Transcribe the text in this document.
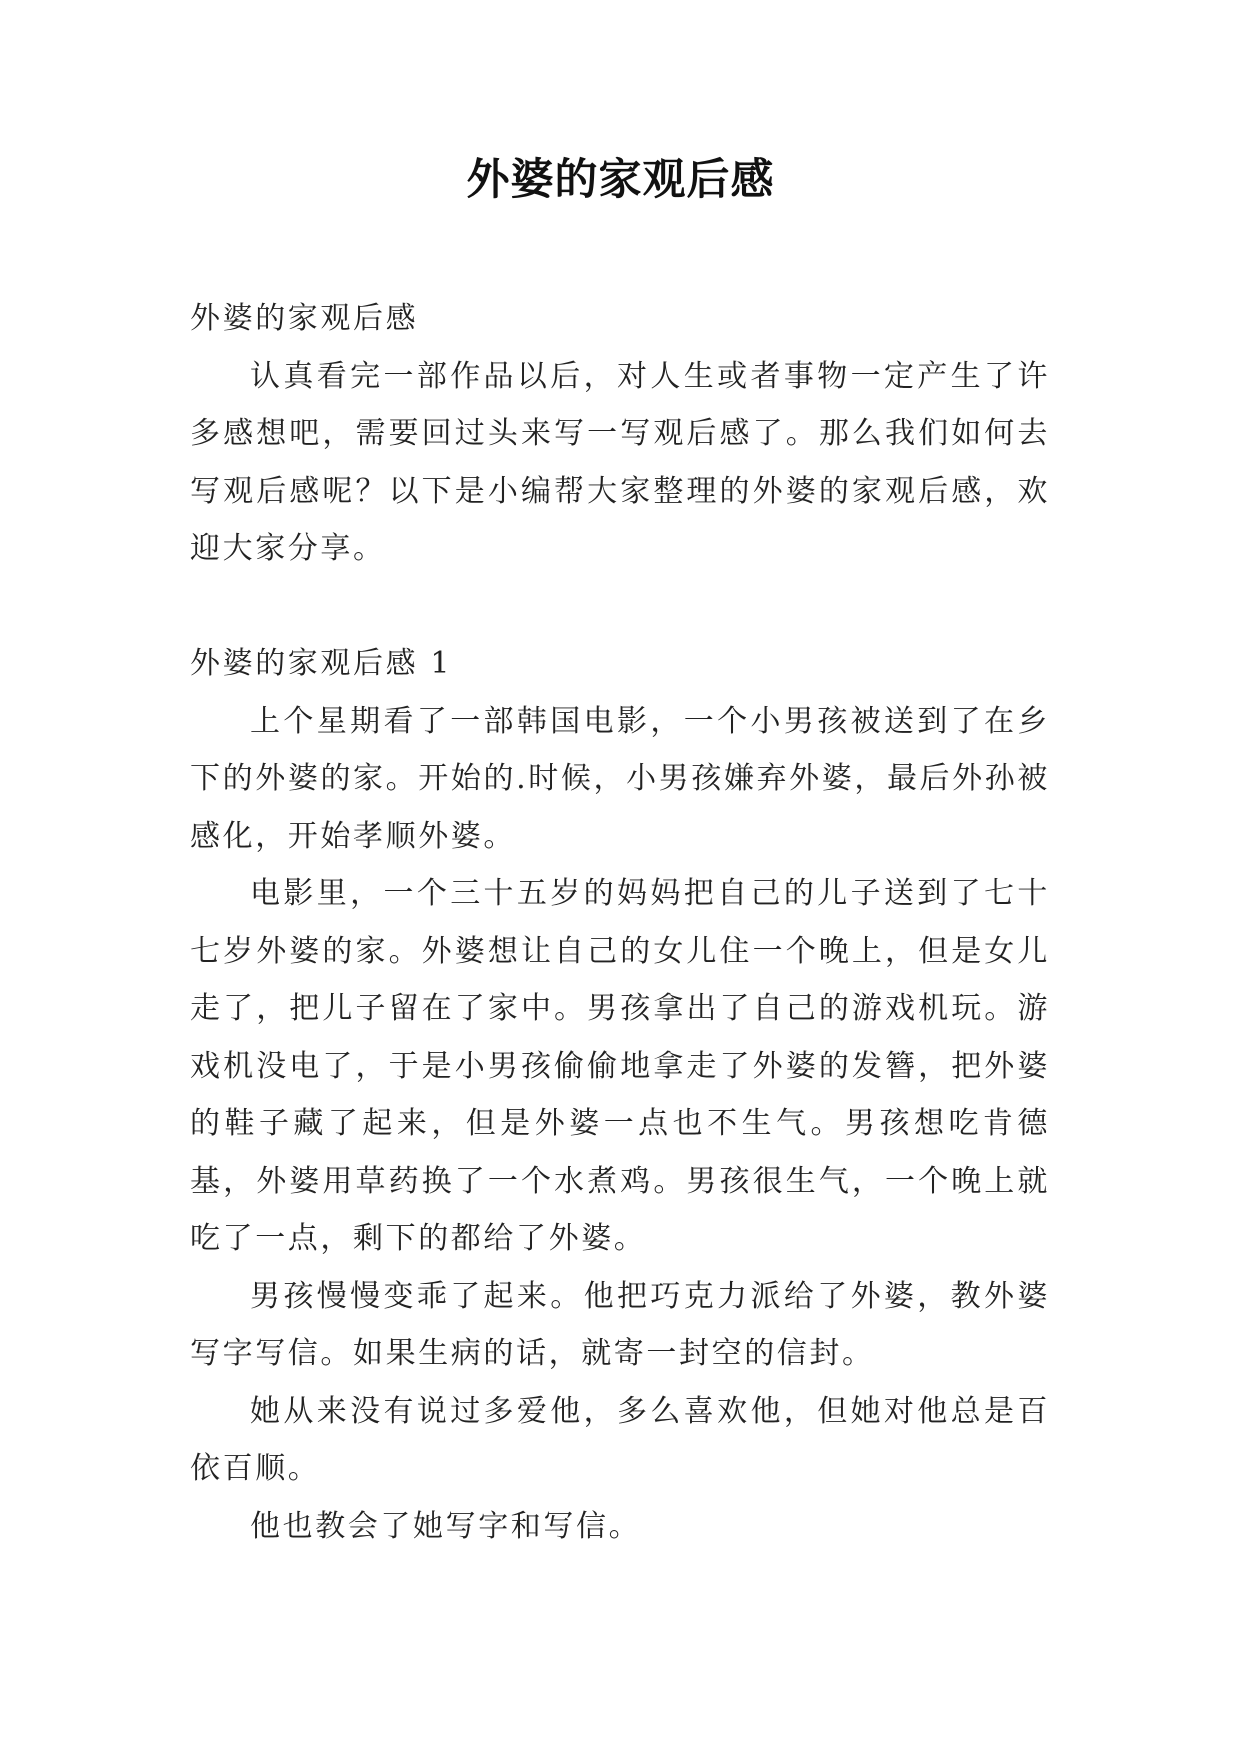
外婆的家观后感

外婆的家观后感

认真看完一部作品以后，对人生或者事物一定产生了许多感想吧，需要回过头来写一写观后感了。那么我们如何去写观后感呢？以下是小编帮大家整理的外婆的家观后感，欢迎大家分享。

外婆的家观后感 1

上个星期看了一部韩国电影，一个小男孩被送到了在乡下的外婆的家。开始的.时候，小男孩嫌弃外婆，最后外孙被感化，开始孝顺外婆。

电影里，一个三十五岁的妈妈把自己的儿子送到了七十七岁外婆的家。外婆想让自己的女儿住一个晚上，但是女儿走了，把儿子留在了家中。男孩拿出了自己的游戏机玩。游戏机没电了，于是小男孩偷偷地拿走了外婆的发簪，把外婆的鞋子藏了起来，但是外婆一点也不生气。男孩想吃肯德基，外婆用草药换了一个水煮鸡。男孩很生气，一个晚上就吃了一点，剩下的都给了外婆。

男孩慢慢变乖了起来。他把巧克力派给了外婆，教外婆写字写信。如果生病的话，就寄一封空的信封。

她从来没有说过多爱他，多么喜欢他，但她对他总是百依百顺。

他也教会了她写字和写信。
